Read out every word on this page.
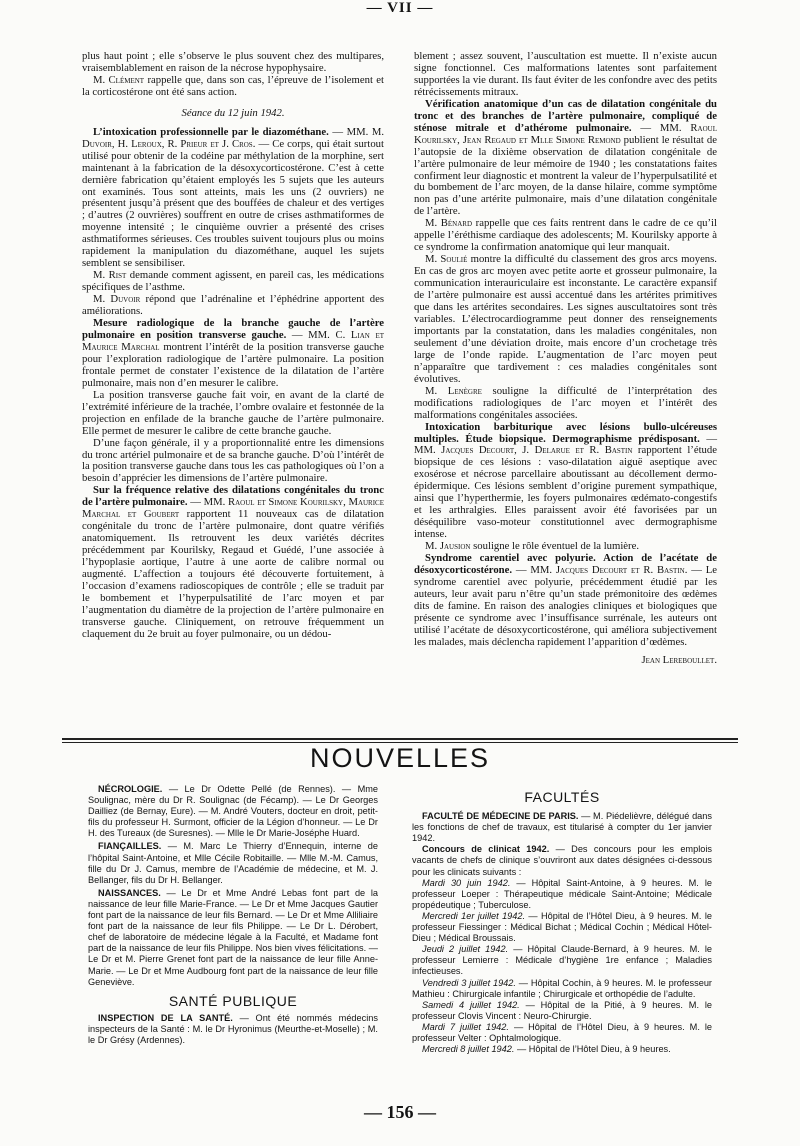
— VII —

plus haut point ; elle s’observe le plus souvent chez des multipares, vraisemblablement en raison de la nécrose hypophysaire.

M. Clément rappelle que, dans son cas, l’épreuve de l’isolement et la corticostérone ont été sans action.

Séance du 12 juin 1942.

L’intoxication professionnelle par le diazométhane. — MM. M. Duvoir, H. Leroux, R. Prieur et J. Cros. — Ce corps, qui était surtout utilisé pour obtenir de la codéine par méthylation de la morphine, sert maintenant à la fabrication de la désoxycorticostérone. C’est à cette dernière fabrication qu’étaient employés les 5 sujets que les auteurs ont examinés. Tous sont atteints, mais les uns (2 ouvriers) ne présentent jusqu’à présent que des bouffées de chaleur et des vertiges ; d’autres (2 ouvrières) souffrent en outre de crises asthmatiformes de moyenne intensité ; le cinquième ouvrier a présenté des crises asthmatiformes sérieuses. Ces troubles suivent toujours plus ou moins rapidement la manipulation du diazométhane, auquel les sujets semblent se sensibiliser.

M. Rist demande comment agissent, en pareil cas, les médications spécifiques de l’asthme.

M. Duvoir répond que l’adrénaline et l’éphédrine apportent des améliorations.

Mesure radiologique de la branche gauche de l’artère pulmonaire en position transverse gauche. — MM. C. Lian et Maurice Marchal montrent l’intérêt de la position transverse gauche pour l’exploration radiologique de l’artère pulmonaire. La position frontale permet de constater l’existence de la dilatation de l’artère pulmonaire, mais non d’en mesurer le calibre.

La position transverse gauche fait voir, en avant de la clarté de l’extrémité inférieure de la trachée, l’ombre ovalaire et festonnée de la projection en enfilade de la branche gauche de l’artère pulmonaire. Elle permet de mesurer le calibre de cette branche gauche.

D’une façon générale, il y a proportionnalité entre les dimensions du tronc artériel pulmonaire et de sa branche gauche. D’où l’intérêt de la position transverse gauche dans tous les cas pathologiques où l’on a besoin d’apprécier les dimensions de l’artère pulmonaire.

Sur la fréquence relative des dilatations congénitales du tronc de l’artère pulmonaire. — MM. Raoul et Simone Kourilsky, Maurice Marchal et Goubert rapportent 11 nouveaux cas de dilatation congénitale du tronc de l’artère pulmonaire, dont quatre vérifiés anatomiquement. Ils retrouvent les deux variétés décrites précédemment par Kourilsky, Regaud et Guédé, l’une associée à l’hypoplasie aortique, l’autre à une aorte de calibre normal ou augmenté. L’affection a toujours été découverte fortuitement, à l’occasion d’examens radioscopiques de contrôle ; elle se traduit par le bombement et l’hyperpulsatilité de l’arc moyen et par l’augmentation du diamètre de la projection de l’artère pulmonaire en transverse gauche. Cliniquement, on retrouve fréquemment un claquement du 2e bruit au foyer pulmonaire, ou un dédou-

blement ; assez souvent, l’auscultation est muette. Il n’existe aucun signe fonctionnel. Ces malformations latentes sont parfaitement supportées la vie durant. Ils faut éviter de les confondre avec des petits rétrécissements mitraux.

Vérification anatomique d’un cas de dilatation congénitale du tronc et des branches de l’artère pulmonaire, compliqué de sténose mitrale et d’athérome pulmonaire. — MM. Raoul Kourilsky, Jean Regaud et Mlle Simone Remond publient le résultat de l’autopsie de la dixième observation de dilatation congénitale de l’artère pulmonaire de leur mémoire de 1940 ; les constatations faites confirment leur diagnostic et montrent la valeur de l’hyperpulsatilité et du bombement de l’arc moyen, de la danse hilaire, comme symptôme non pas d’une artérite pulmonaire, mais d’une dilatation congénitale de l’artère.

M. Bénard rappelle que ces faits rentrent dans le cadre de ce qu’il appelle l’éréthisme cardiaque des adolescents; M. Kourilsky apporte à ce syndrome la confirmation anatomique qui leur manquait.

M. Soulié montre la difficulté du classement des gros arcs moyens. En cas de gros arc moyen avec petite aorte et grosseur pulmonaire, la communication interauriculaire est inconstante. Le caractère expansif de l’artère pulmonaire est aussi accentué dans les artérites primitives que dans les artérites secondaires. Les signes auscultatoires sont très variables. L’électrocardiogramme peut donner des renseignements importants par la constatation, dans les maladies congénitales, non seulement d’une déviation droite, mais encore d’un crochetage très large de l’onde rapide. L’augmentation de l’arc moyen peut n’apparaître que tardivement : ces maladies congénitales sont évolutives.

M. Lenègre souligne la difficulté de l’interprétation des modifications radiologiques de l’arc moyen et l’intérêt des malformations congénitales associées.

Intoxication barbiturique avec lésions bullo-ulcéreuses multiples. Étude biopsique. Dermographisme prédisposant. — MM. Jacques Decourt, J. Delarue et R. Bastin rapportent l’étude biopsique de ces lésions : vaso-dilatation aiguë aseptique avec exosérose et nécrose parcellaire aboutissant au décollement dermo-épidermique. Ces lésions semblent d’origine purement sympathique, ainsi que l’hyperthermie, les foyers pulmonaires œdémato-congestifs et les arthralgies. Elles paraissent avoir été favorisées par un déséquilibre vaso-moteur constitutionnel avec dermographisme intense.

M. Jausion souligne le rôle éventuel de la lumière.

Syndrome carentiel avec polyurie. Action de l’acétate de désoxycorticostérone. — MM. Jacques Decourt et R. Bastin. — Le syndrome carentiel avec polyurie, précédemment étudié par les auteurs, leur avait paru n’être qu’un stade prémonitoire des œdèmes dits de famine. En raison des analogies cliniques et biologiques que présente ce syndrome avec l’insuffisance surrénale, les auteurs ont utilisé l’acétate de désoxycorticostérone, qui améliora subjectivement les malades, mais déclencha rapidement l’apparition d’œdèmes.

Jean Lereboullet.

NOUVELLES

NÉCROLOGIE. — Le Dr Odette Pellé (de Rennes). — Mme Soulignac, mère du Dr R. Soulignac (de Fécamp). — Le Dr Georges Dailliez (de Bernay, Eure). — M. André Vouters, docteur en droit, petit-fils du professeur H. Surmont, officier de la Légion d’honneur. — Le Dr H. des Tureaux (de Suresnes). — Mlle le Dr Marie-Joséphe Huard.

FIANÇAILLES. — M. Marc Le Thierry d’Ennequin, interne de l’hôpital Saint-Antoine, et Mlle Cécile Robitaille. — Mlle M.-M. Camus, fille du Dr J. Camus, membre de l’Académie de médecine, et M. J. Bellanger, fils du Dr H. Bellanger.

NAISSANCES. — Le Dr et Mme André Lebas font part de la naissance de leur fille Marie-France. — Le Dr et Mme Jacques Gautier font part de la naissance de leur fils Bernard. — Le Dr et Mme Alliliaire font part de la naissance de leur fils Philippe. — Le Dr L. Dérobert, chef de laboratoire de médecine légale à la Faculté, et Madame font part de la naissance de leur fils Philippe. Nos bien vives félicitations. — Le Dr et M. Pierre Grenet font part de la naissance de leur fille Anne-Marie. — Le Dr et Mme Audbourg font part de la naissance de leur fille Geneviève.

SANTÉ PUBLIQUE

INSPECTION DE LA SANTÉ. — Ont été nommés médecins inspecteurs de la Santé : M. le Dr Hyronimus (Meurthe-et-Moselle) ; M. le Dr Grésy (Ardennes).

FACULTÉS

FACULTÉ DE MÉDECINE DE PARIS. — M. Piédelièvre, délégué dans les fonctions de chef de travaux, est titularisé à compter du 1er janvier 1942.

Concours de clinicat 1942. — Des concours pour les emplois vacants de chefs de clinique s’ouvriront aux dates désignées ci-dessous pour les clinicats suivants :

Mardi 30 juin 1942. — Hôpital Saint-Antoine, à 9 heures. M. le professeur Loeper : Thérapeutique médicale Saint-Antoine; Médicale propédeutique ; Tuberculose.

Mercredi 1er juillet 1942. — Hôpital de l’Hôtel Dieu, à 9 heures. M. le professeur Fiessinger : Médical Bichat ; Médical Cochin ; Médical Hôtel-Dieu ; Médical Broussais.

Jeudi 2 juillet 1942. — Hôpital Claude-Bernard, à 9 heures. M. le professeur Lemierre : Médicale d’hygiène 1re enfance ; Maladies infectieuses.

Vendredi 3 juillet 1942. — Hôpital Cochin, à 9 heures. M. le professeur Mathieu : Chirurgicale infantile ; Chirurgicale et orthopédie de l’adulte.

Samedi 4 juillet 1942. — Hôpital de la Pitié, à 9 heures. M. le professeur Clovis Vincent : Neuro-Chirurgie.

Mardi 7 juillet 1942. — Hôpital de l’Hôtel Dieu, à 9 heures. M. le professeur Velter : Ophtalmologique.

Mercredi 8 juillet 1942. — Hôpital de l’Hôtel Dieu, à 9 heures.

— 156 —
